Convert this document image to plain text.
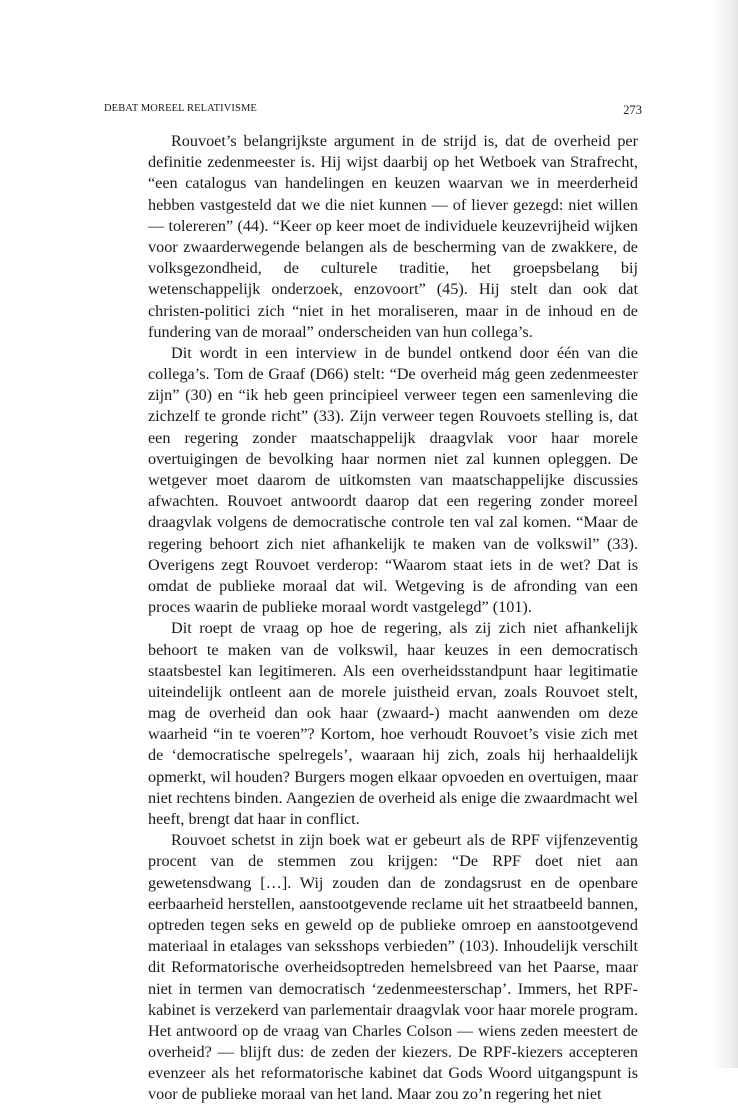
DEBAT MOREEL RELATIVISME	273

Rouvoet’s belangrijkste argument in de strijd is, dat de overheid per definitie zedenmeester is. Hij wijst daarbij op het Wetboek van Strafrecht, “een catalogus van handelingen en keuzen waarvan we in meerderheid hebben vastgesteld dat we die niet kunnen — of liever gezegd: niet willen — tolereren” (44). “Keer op keer moet de individuele keuzevrijheid wijken voor zwaarderwegende belangen als de bescherming van de zwakkere, de volksgezondheid, de culturele traditie, het groepsbelang bij wetenschappelijk onderzoek, enzovoort” (45). Hij stelt dan ook dat christen-politici zich “niet in het moraliseren, maar in de inhoud en de fundering van de moraal” onderscheiden van hun collega’s.

Dit wordt in een interview in de bundel ontkend door één van die collega’s. Tom de Graaf (D66) stelt: “De overheid mág geen zedenmeester zijn” (30) en “ik heb geen principieel verweer tegen een samenleving die zichzelf te gronde richt” (33). Zijn verweer tegen Rouvoets stelling is, dat een regering zonder maatschappelijk draagvlak voor haar morele overtuigingen de bevolking haar normen niet zal kunnen opleggen. De wetgever moet daarom de uitkomsten van maatschappelijke discussies afwachten. Rouvoet antwoordt daarop dat een regering zonder moreel draagvlak volgens de democratische controle ten val zal komen. “Maar de regering behoort zich niet afhankelijk te maken van de volkswil” (33). Overigens zegt Rouvoet verderop: “Waarom staat iets in de wet? Dat is omdat de publieke moraal dat wil. Wetgeving is de afronding van een proces waarin de publieke moraal wordt vastgelegd” (101).

Dit roept de vraag op hoe de regering, als zij zich niet afhankelijk behoort te maken van de volkswil, haar keuzes in een democratisch staatsbestel kan legitimeren. Als een overheidsstandpunt haar legitimatie uiteindelijk ontleent aan de morele juistheid ervan, zoals Rouvoet stelt, mag de overheid dan ook haar (zwaard-) macht aanwenden om deze waarheid “in te voeren”? Kortom, hoe verhoudt Rouvoet’s visie zich met de ‘democratische spelregels’, waaraan hij zich, zoals hij herhaaldelijk opmerkt, wil houden? Burgers mogen elkaar opvoeden en overtuigen, maar niet rechtens binden. Aangezien de overheid als enige die zwaardmacht wel heeft, brengt dat haar in conflict.

Rouvoet schetst in zijn boek wat er gebeurt als de RPF vijfenzeventig procent van de stemmen zou krijgen: “De RPF doet niet aan gewetensdwang […]. Wij zouden dan de zondagsrust en de openbare eerbaarheid herstellen, aanstootgevende reclame uit het straatbeeld bannen, optreden tegen seks en geweld op de publieke omroep en aanstootgevend materiaal in etalages van seksshops verbieden” (103). Inhoudelijk verschilt dit Reformatorische overheidsoptreden hemelsbreed van het Paarse, maar niet in termen van democratisch ‘zedenmeesterschap’. Immers, het RPF-kabinet is verzekerd van parlementair draagvlak voor haar morele program. Het antwoord op de vraag van Charles Colson — wiens zeden meestert de overheid? — blijft dus: de zeden der kiezers. De RPF-kiezers accepteren evenzeer als het reformatorische kabinet dat Gods Woord uitgangspunt is voor de publieke moraal van het land. Maar zou zo’n regering het niet
